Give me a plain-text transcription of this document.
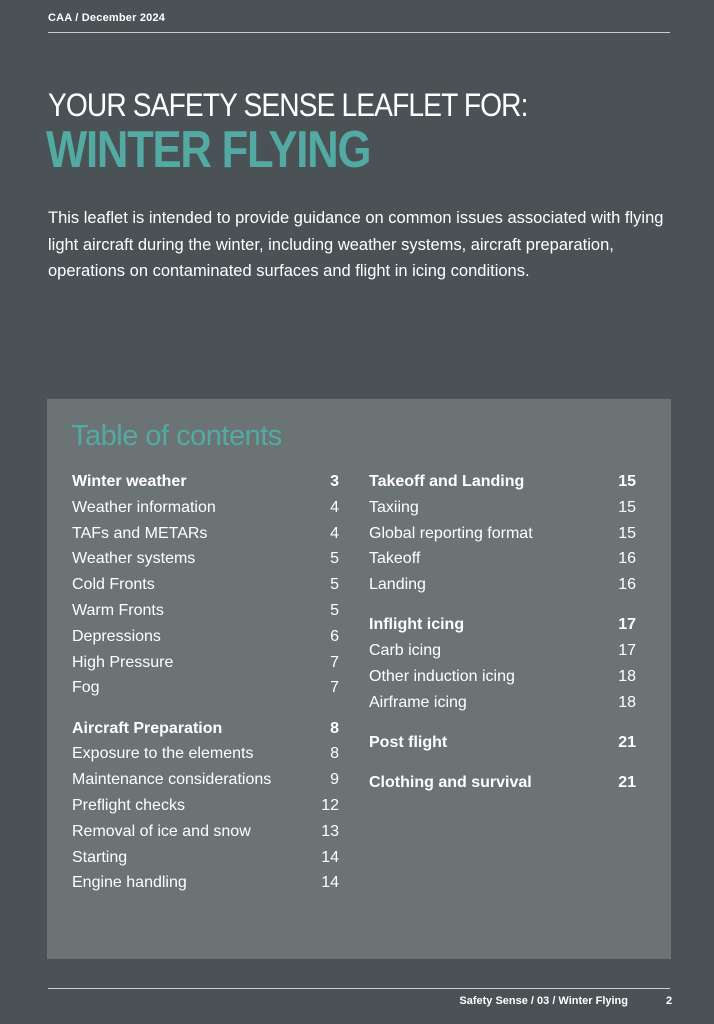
CAA / December 2024
YOUR SAFETY SENSE LEAFLET FOR:
WINTER FLYING

This leaflet is intended to provide guidance on common issues associated with flying light aircraft during the winter, including weather systems, aircraft preparation, operations on contaminated surfaces and flight in icing conditions.

Table of contents
Winter weather	3
Weather information	4
TAFs and METARs	4
Weather systems	5
Cold Fronts	5
Warm Fronts	5
Depressions	6
High Pressure	7
Fog	7
Aircraft Preparation	8
Exposure to the elements	8
Maintenance considerations	9
Preflight checks	12
Removal of ice and snow	13
Starting	14
Engine handling	14
Takeoff and Landing	15
Taxiing	15
Global reporting format	15
Takeoff	16
Landing	16
Inflight icing	17
Carb icing	17
Other induction icing	18
Airframe icing	18
Post flight	21
Clothing and survival	21
Safety Sense / 03 / Winter Flying	2
